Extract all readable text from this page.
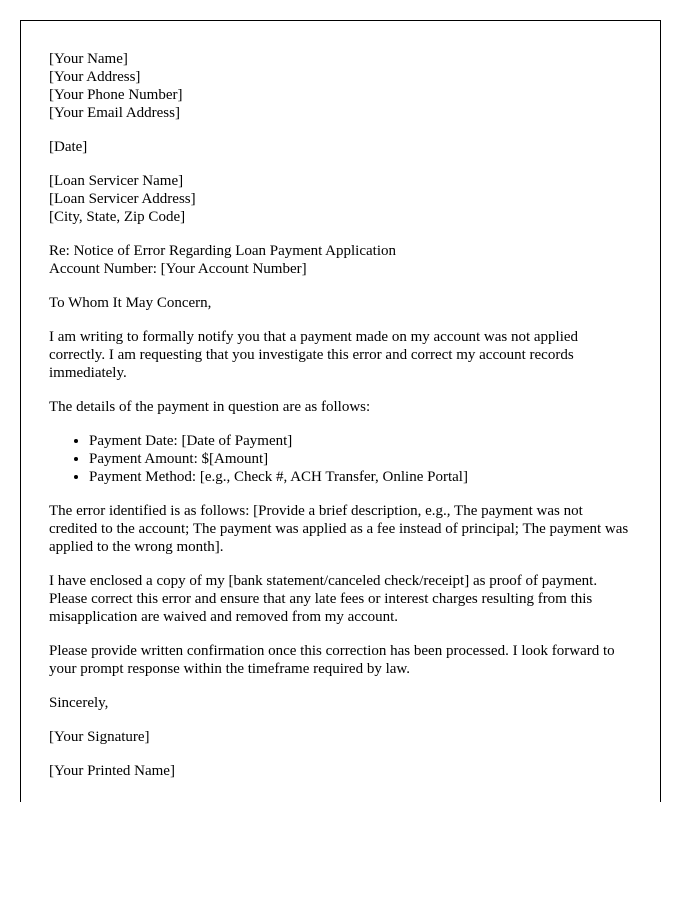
[Your Name]
[Your Address]
[Your Phone Number]
[Your Email Address]
[Date]
[Loan Servicer Name]
[Loan Servicer Address]
[City, State, Zip Code]
Re: Notice of Error Regarding Loan Payment Application
Account Number: [Your Account Number]

To Whom It May Concern,

I am writing to formally notify you that a payment made on my account was not applied correctly. I am requesting that you investigate this error and correct my account records immediately.

The details of the payment in question are as follows:

• Payment Date: [Date of Payment]
• Payment Amount: $[Amount]
• Payment Method: [e.g., Check #, ACH Transfer, Online Portal]

The error identified is as follows: [Provide a brief description, e.g., The payment was not credited to the account; The payment was applied as a fee instead of principal; The payment was applied to the wrong month].

I have enclosed a copy of my [bank statement/canceled check/receipt] as proof of payment. Please correct this error and ensure that any late fees or interest charges resulting from this misapplication are waived and removed from my account.

Please provide written confirmation once this correction has been processed. I look forward to your prompt response within the timeframe required by law.

Sincerely,

[Your Signature]

[Your Printed Name]
